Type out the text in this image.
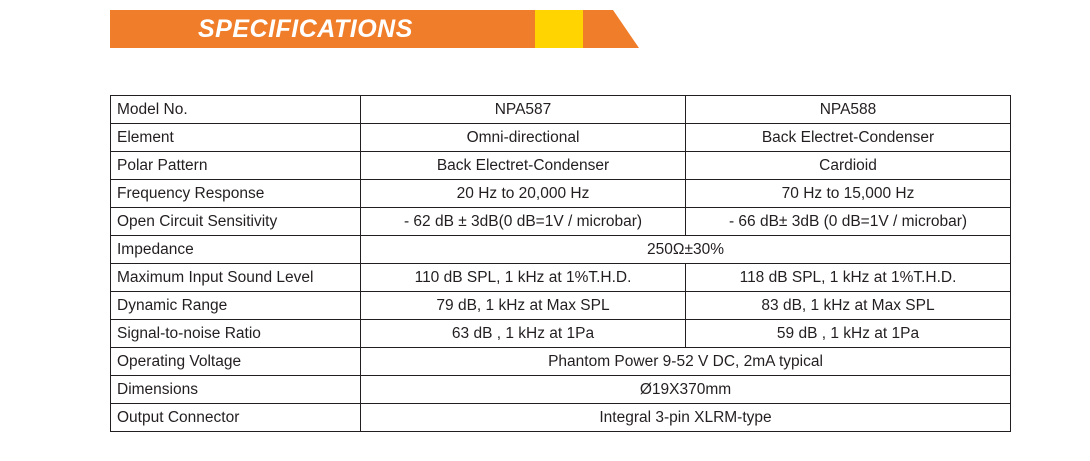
SPECIFICATIONS
Model No.	NPA587	NPA588
Element	Omni-directional	Back Electret-Condenser
Polar Pattern	Back Electret-Condenser	Cardioid
Frequency Response	20 Hz to 20,000 Hz	70 Hz to 15,000 Hz
Open Circuit Sensitivity	- 62 dB ± 3dB(0 dB=1V / microbar)	- 66 dB± 3dB (0 dB=1V / microbar)
Impedance	250Ω±30%	
Maximum Input Sound Level	110 dB SPL, 1 kHz at 1%T.H.D.	118 dB SPL, 1 kHz at 1%T.H.D.
Dynamic Range	79 dB, 1 kHz at Max SPL	83 dB, 1 kHz at Max SPL
Signal-to-noise Ratio	63 dB , 1 kHz at 1Pa	59 dB , 1 kHz at 1Pa
Operating Voltage	Phantom Power 9-52 V DC, 2mA typical	
Dimensions	Ø19X370mm	
Output Connector	Integral 3-pin XLRM-type	
